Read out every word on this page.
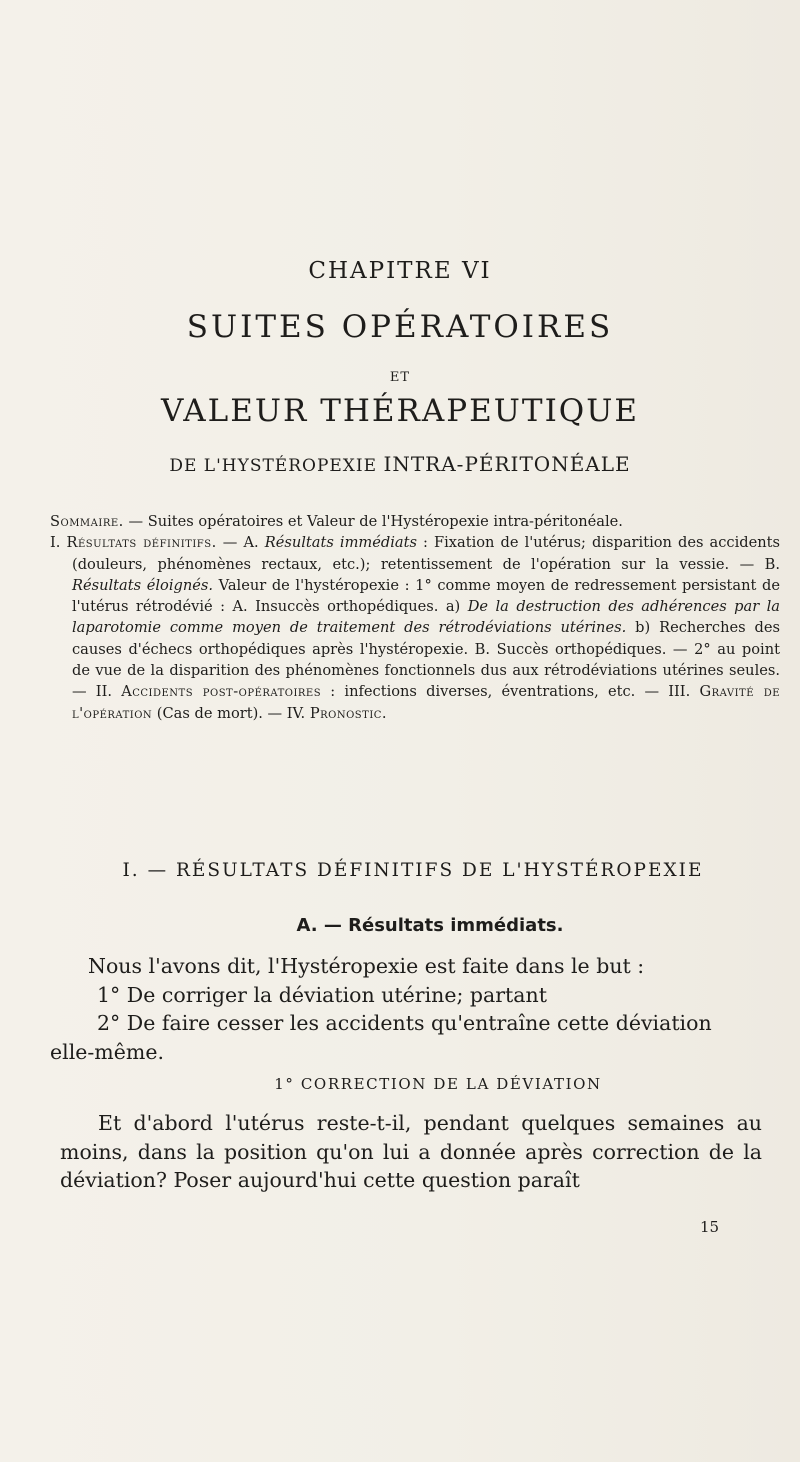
CHAPITRE VI
SUITES OPÉRATOIRES
ET
VALEUR THÉRAPEUTIQUE
DE L'HYSTÉROPEXIE INTRA-PÉRITONÉALE

Sommaire. — Suites opératoires et Valeur de l'Hystéropexie intra-péritonéale.

I. Résultats définitifs. — A. Résultats immédiats : Fixation de l'utérus; disparition des accidents (douleurs, phénomènes rectaux, etc.); retentissement de l'opération sur la vessie. — B. Résultats éloignés. Valeur de l'hystéropexie : 1° comme moyen de redressement persistant de l'utérus rétrodévié : A. Insuccès orthopédiques. a) De la destruction des adhérences par la laparotomie comme moyen de traitement des rétrodéviations utérines. b) Recherches des causes d'échecs orthopédiques après l'hystéropexie. B. Succès orthopédiques. — 2° au point de vue de la disparition des phénomènes fonctionnels dus aux rétrodéviations utérines seules. — II. Accidents post-opératoires : infections diverses, éventrations, etc. — III. Gravité de l'opération (Cas de mort). — IV. Pronostic.

I. — RÉSULTATS DÉFINITIFS DE L'HYSTÉROPEXIE
A. — Résultats immédiats.

Nous l'avons dit, l'Hystéropexie est faite dans le but :

1° De corriger la déviation utérine; partant

2° De faire cesser les accidents qu'entraîne cette déviation elle-même.

1° CORRECTION DE LA DÉVIATION

Et d'abord l'utérus reste-t-il, pendant quelques semaines au moins, dans la position qu'on lui a donnée après correction de la déviation? Poser aujourd'hui cette question paraît

15
